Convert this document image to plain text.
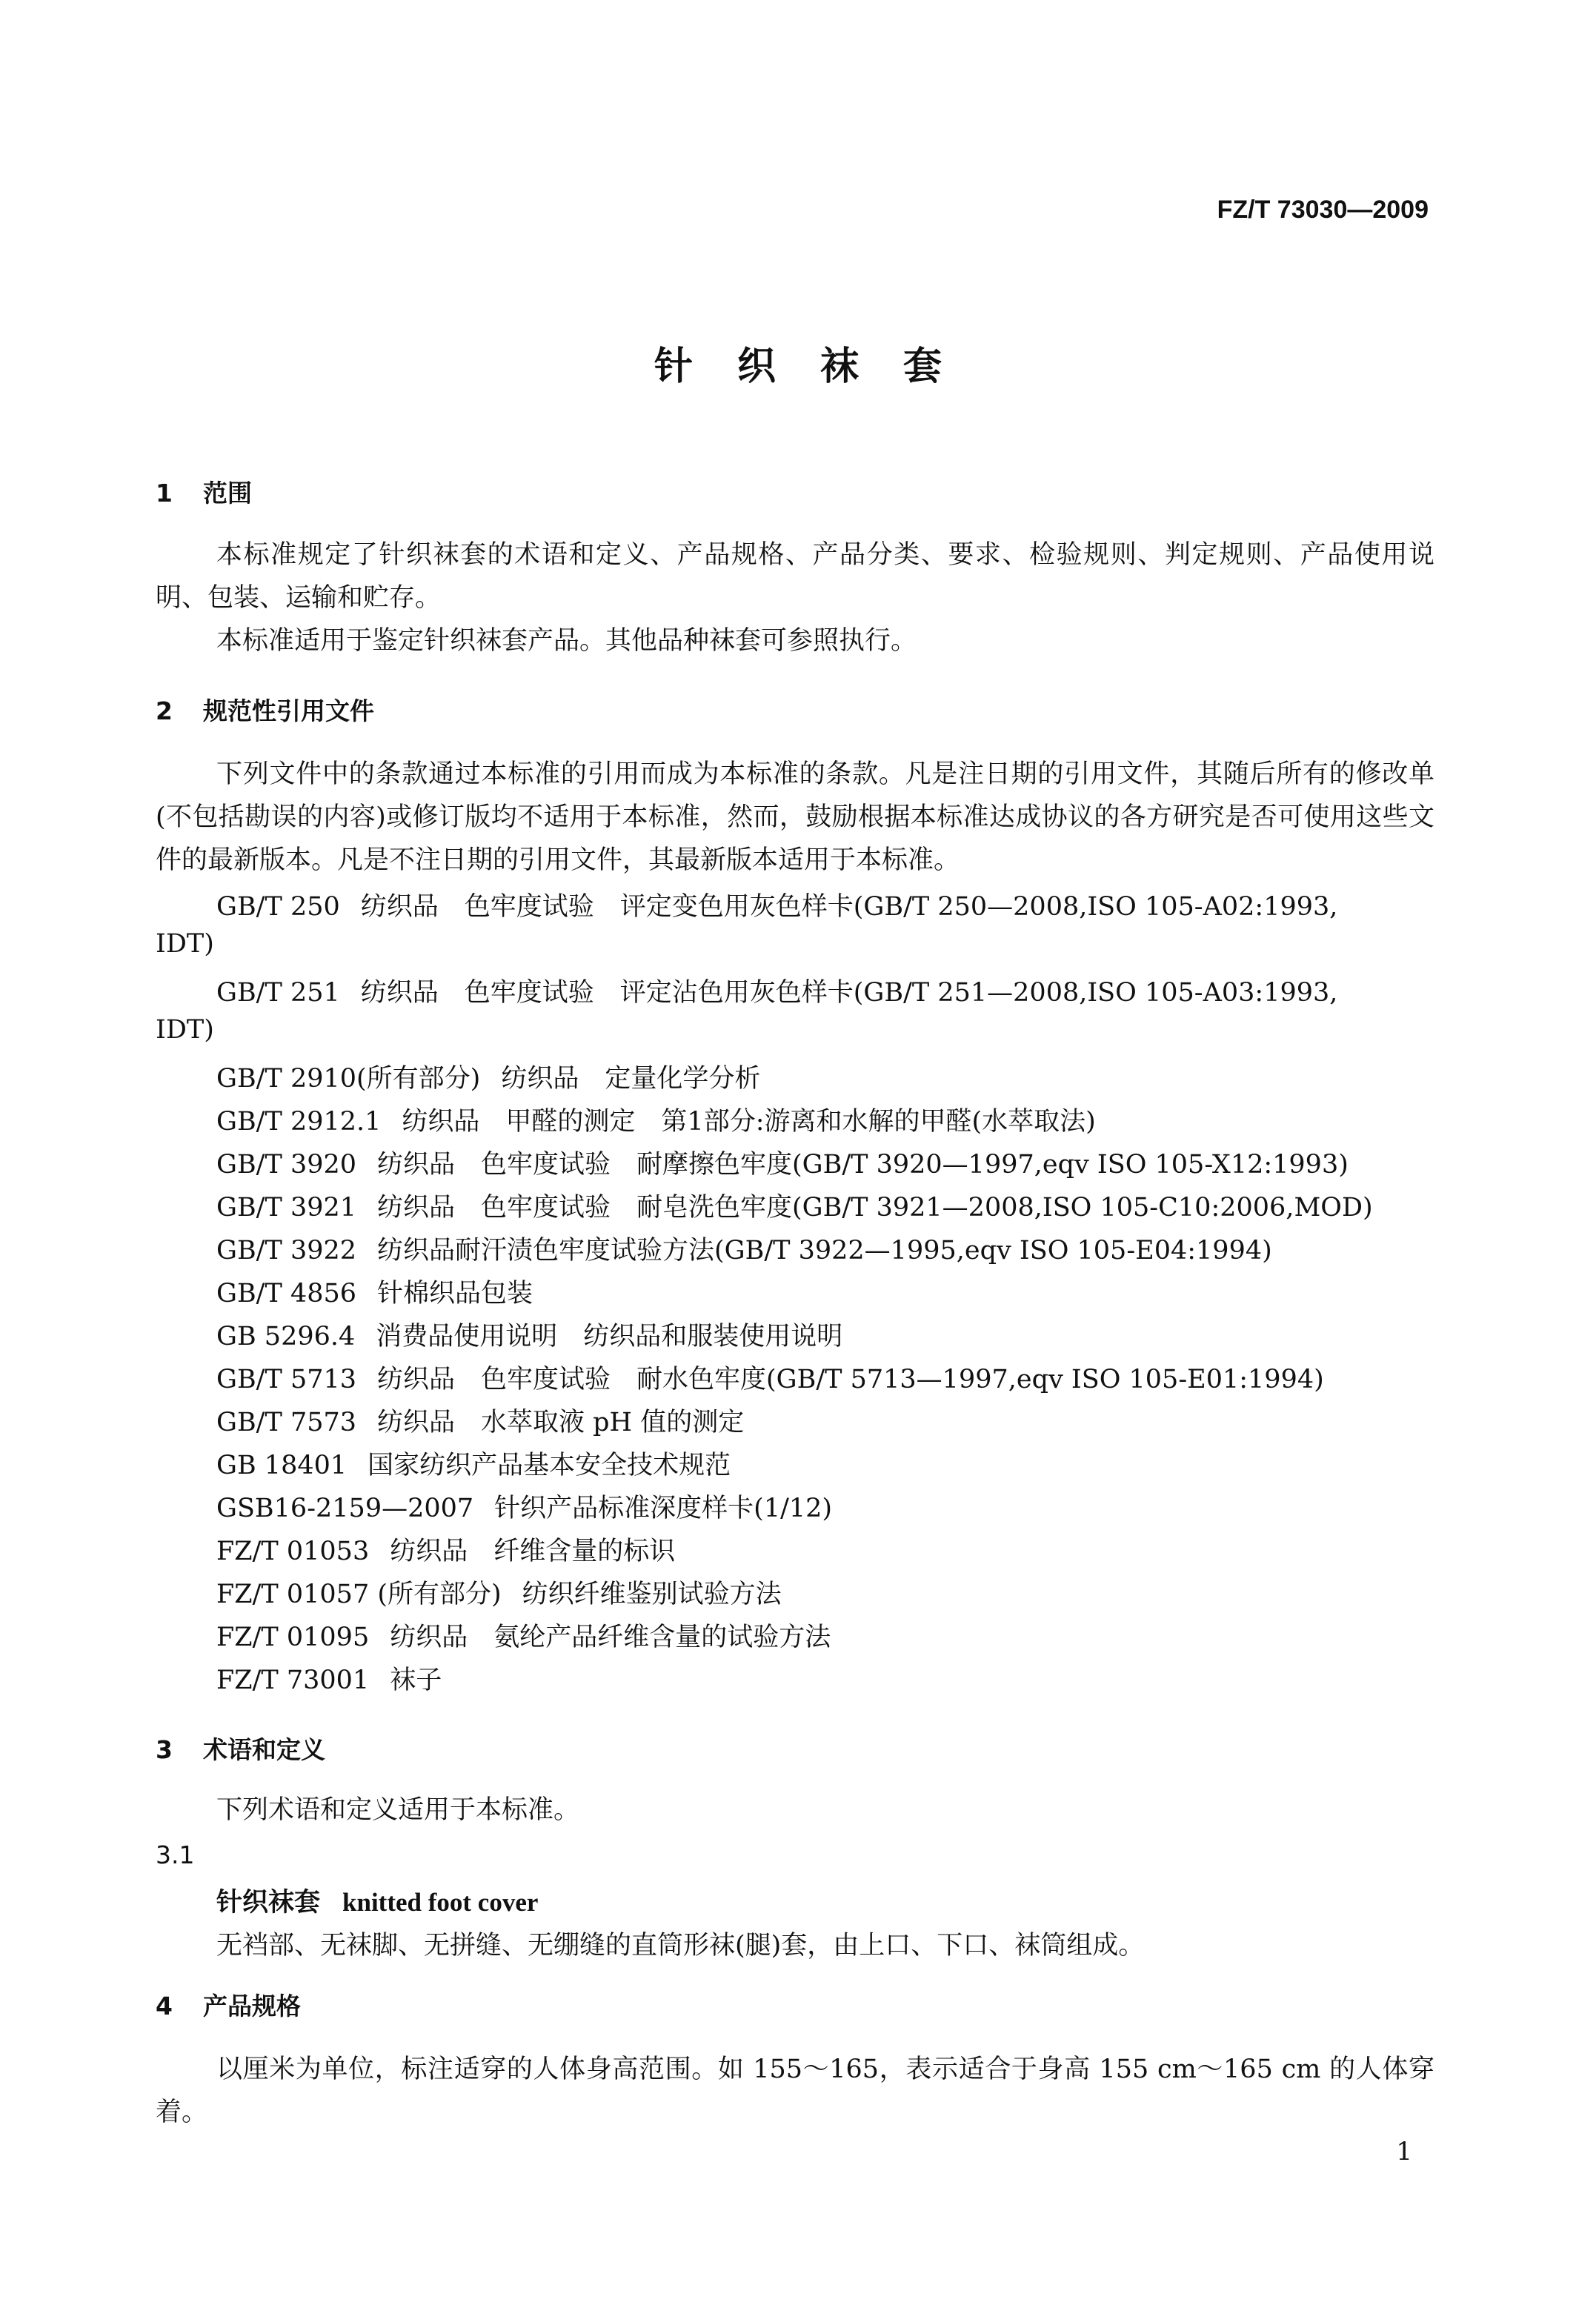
FZ/T 73030—2009
针织袜套
1 范围
本标准规定了针织袜套的术语和定义、产品规格、产品分类、要求、检验规则、判定规则、产品使用说明、包装、运输和贮存。
本标准适用于鉴定针织袜套产品。其他品种袜套可参照执行。
2 规范性引用文件
下列文件中的条款通过本标准的引用而成为本标准的条款。凡是注日期的引用文件，其随后所有的修改单(不包括勘误的内容)或修订版均不适用于本标准，然而，鼓励根据本标准达成协议的各方研究是否可使用这些文件的最新版本。凡是不注日期的引用文件，其最新版本适用于本标准。
GB/T 250 纺织品　色牢度试验　评定变色用灰色样卡(GB/T 250—2008,ISO 105-A02:1993,
IDT)
GB/T 251 纺织品　色牢度试验　评定沾色用灰色样卡(GB/T 251—2008,ISO 105-A03:1993,
IDT)
GB/T 2910(所有部分) 纺织品　定量化学分析
GB/T 2912.1 纺织品　甲醛的测定　第1部分:游离和水解的甲醛(水萃取法)
GB/T 3920 纺织品　色牢度试验　耐摩擦色牢度(GB/T 3920—1997,eqv ISO 105-X12:1993)
GB/T 3921 纺织品　色牢度试验　耐皂洗色牢度(GB/T 3921—2008,ISO 105-C10:2006,MOD)
GB/T 3922 纺织品耐汗渍色牢度试验方法(GB/T 3922—1995,eqv ISO 105-E04:1994)
GB/T 4856 针棉织品包装
GB 5296.4 消费品使用说明　纺织品和服装使用说明
GB/T 5713 纺织品　色牢度试验　耐水色牢度(GB/T 5713—1997,eqv ISO 105-E01:1994)
GB/T 7573 纺织品　水萃取液 pH 值的测定
GB 18401 国家纺织产品基本安全技术规范
GSB16-2159—2007 针织产品标准深度样卡(1/12)
FZ/T 01053 纺织品　纤维含量的标识
FZ/T 01057 (所有部分) 纺织纤维鉴别试验方法
FZ/T 01095 纺织品　氨纶产品纤维含量的试验方法
FZ/T 73001 袜子
3 术语和定义
下列术语和定义适用于本标准。
3.1
针织袜套 knitted foot cover
无裆部、无袜脚、无拼缝、无绷缝的直筒形袜(腿)套，由上口、下口、袜筒组成。
4 产品规格
以厘米为单位，标注适穿的人体身高范围。如 155～165，表示适合于身高 155 cm～165 cm 的人体穿着。
1
